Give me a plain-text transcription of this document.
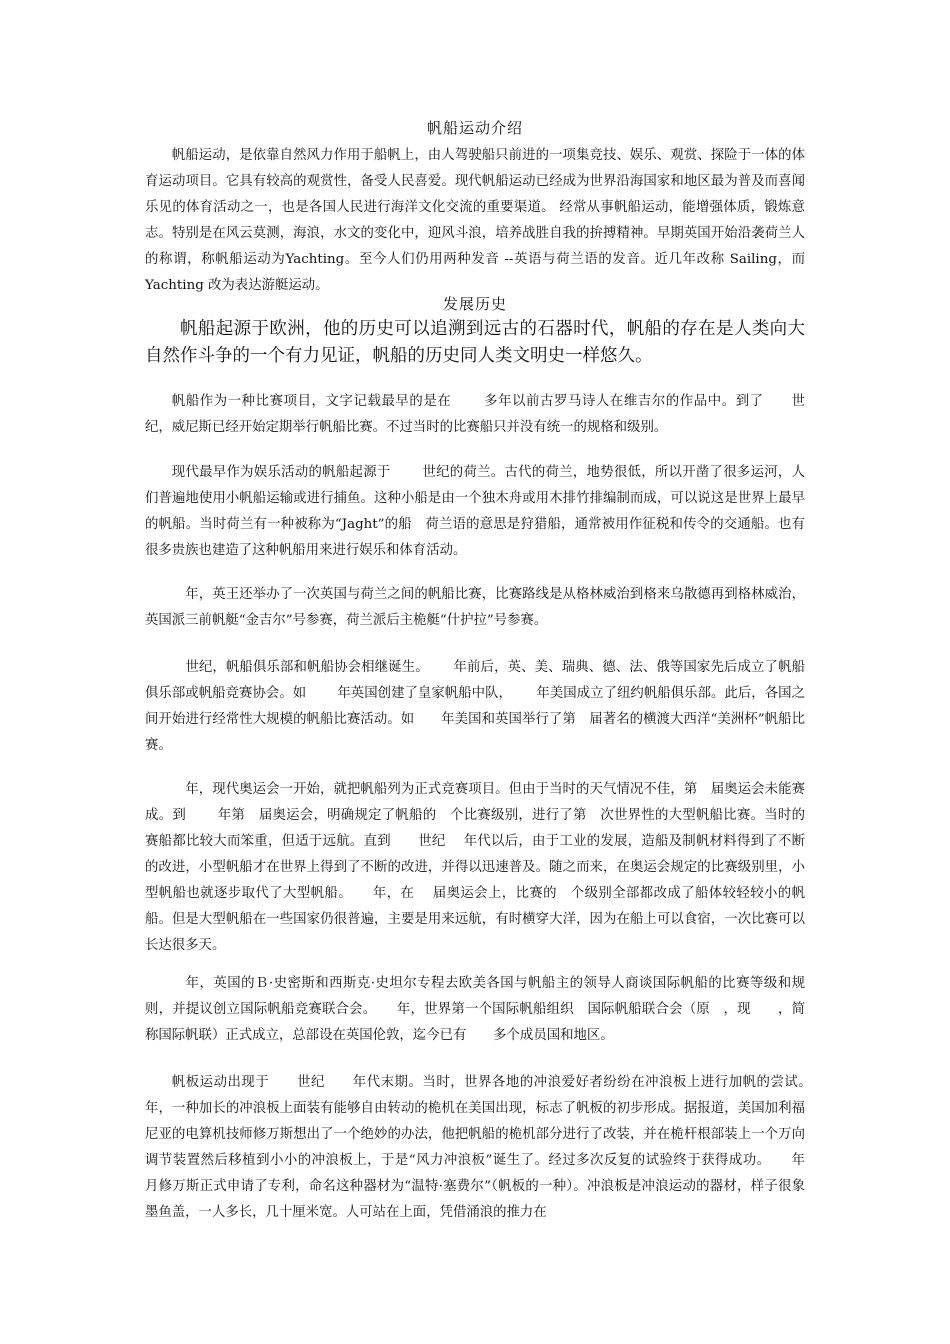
帆船运动介绍

帆船运动，是依靠自然风力作用于船帆上，由人驾驶船只前进的一项集竞技、娱乐、观赏、探险于一体的体育运动项目。它具有较高的观赏性，备受人民喜爱。现代帆船运动已经成为世界沿海国家和地区最为普及而喜闻乐见的体育活动之一，也是各国人民进行海洋文化交流的重要渠道。 经常从事帆船运动，能增强体质，锻炼意志。特别是在风云莫测，海浪，水文的变化中，迎风斗浪，培养战胜自我的拚搏精神。早期英国开始沿袭荷兰人的称谓，称帆船运动为Yachting。至今人们仍用两种发音 --英语与荷兰语的发音。近几年改称 Sailing，而 Yachting 改为表达游艇运动。

发展历史

帆船起源于欧洲，他的历史可以追溯到远古的石器时代，帆船的存在是人类向大自然作斗争的一个有力见证，帆船的历史同人类文明史一样悠久。

帆船作为一种比赛项目，文字记载最早的是在　　 多年以前古罗马诗人在维吉尔的作品中。到了　　世纪，威尼斯已经开始定期举行帆船比赛。不过当时的比赛船只并没有统一的规格和级别。

现代最早作为娱乐活动的帆船起源于　　 世纪的荷兰。古代的荷兰，地势很低，所以开凿了很多运河，人们普遍地使用小帆船运输或进行捕鱼。这种小船是由一个独木舟或用木排竹排编制而成，可以说这是世界上最早的帆船。当时荷兰有一种被称为“Jaght”的船　荷兰语的意思是狩猎船，通常被用作征税和传令的交通船。也有很多贵族也建造了这种帆船用来进行娱乐和体育活动。

　年，英王还举办了一次英国与荷兰之间的帆船比赛，比赛路线是从格林威治到格来乌散德再到格林威治，英国派三前帆艇“金吉尔”号参赛，荷兰派后主桅艇“什护拉”号参赛。

　世纪，帆船俱乐部和帆船协会相继诞生。　　 年前后，英、美、瑞典、德、法、俄等国家先后成立了帆船俱乐部或帆船竞赛协会。如　　 年英国创建了皇家帆船中队，　　 年美国成立了纽约帆船俱乐部。此后，各国之间开始进行经常性大规模的帆船比赛活动。如　　年美国和英国举行了第　届著名的横渡大西洋“美洲杯”帆船比赛。

　年，现代奥运会一开始，就把帆船列为正式竞赛项目。但由于当时的天气情况不佳，第　届奥运会未能赛成。到　　 年第　届奥运会，明确规定了帆船的　个比赛级别，进行了第　次世界性的大型帆船比赛。当时的赛船都比较大而笨重，但适于远航。直到　　世纪　 年代以后，由于工业的发展，造船及制帆材料得到了不断的改进，小型帆船才在世界上得到了不断的改进，并得以迅速普及。随之而来，在奥运会规定的比赛级别里，小型帆船也就逐步取代了大型帆船。　　年，在　 届奥运会上，比赛的　个级别全部都改成了船体较轻较小的帆船。但是大型帆船在一些国家仍很普遍，主要是用来远航，有时横穿大洋，因为在船上可以食宿，一次比赛可以长达很多天。

　年，英国的Ｂ·史密斯和西斯克·史坦尔专程去欧美各国与帆船主的领导人商谈国际帆船的比赛等级和规则，并提议创立国际帆船竞赛联合会。　　年，世界第一个国际帆船组织　国际帆船联合会（原　，现　　，简称国际帆联）正式成立，总部设在英国伦敦，迄今已有　　多个成员国和地区。

帆板运动出现于　　世纪　　年代末期。当时，世界各地的冲浪爱好者纷纷在冲浪板上进行加帆的尝试。　年，一种加长的冲浪板上面装有能够自由转动的桅机在美国出现，标志了帆板的初步形成。据报道，美国加利福尼亚的电算机技师修万斯想出了一个绝妙的办法，他把帆船的桅机部分进行了改装，并在桅杆根部装上一个万向调节装置然后移植到小小的冲浪板上，于是“风力冲浪板”诞生了。经过多次反复的试验终于获得成功。　　年　月修万斯正式申请了专利，命名这种器材为“温特·塞费尔”（帆板的一种）。冲浪板是冲浪运动的器材，样子很象墨鱼盖，一人多长，几十厘米宽。人可站在上面，凭借涌浪的推力在
